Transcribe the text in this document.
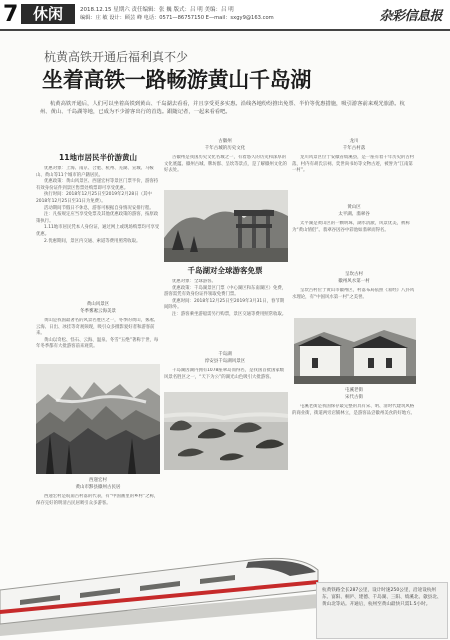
7 休闲	2018.12.15 星期六 责任编辑：张 巍 版式：吕 明 美编：吕 明
编辑：庄 敏 设计：顾芸 峰 电话：0571—86757150 E—mail：sxgy9@163.com	杂彩信息报
杭黄高铁开通后福利真不少
坐着高铁一路畅游黄山千岛湖
杭黄高铁开通后，人们可以坐着高铁到黄山、千岛湖去看看，并且享受更多实惠。沿线各地纷纷推出免票、半价等优惠措施，吸引游客前来观光旅游。杭州、黄山、千岛湖等地，已成为不少游客出行的首选。跟随记者，一起来看看吧。
11地市居民半价游黄山

优惠对象：上海、南京、合肥、杭州、芜湖、宣城、马鞍山、黄山等11个城市的户籍居民。

优惠政策：黄山风景区、西递宏村等景区门票半价，游客持有效身份证件到景区售票处购票即可享受优惠。

执行时间：2018年12月25日至2019年2月28日（其中2018年12月25日至31日为免费）。

活动期间节假日不休息，游客可根据自身情况安排行程。

注：凡按规定应当享受免票及其他优惠政策的游客，按原政策执行。

1.11地市居民凭本人身份证，通过网上或现场购票均可享受优惠。

2.优惠期间，景区内交通、索道等费用照常收取。

黄山风景区
冬季雾凇云海美景

黄山是我国最著名的风景名胜区之一，冬季的黄山，雾凇、云海、日出、冰挂等奇观频现，吸引众多摄影爱好者和游客前来。

黄山以奇松、怪石、云海、温泉、冬雪“五绝”著称于世，每年冬季都有大批游客前来观赏。

西递宏村
黄山市黟县徽州古民居

西递宏村是皖南古村落的代表，有“中国画里的乡村”之称，保存完好的明清古民居吸引众多游客。

古徽州
千年古城的历史文化

古徽州是我国历史文化名城之一，有着悠久的历史和深厚的文化底蕴。徽州古城、牌坊群、呈坎等景点，是了解徽州文化的好去处。

千岛湖对全球游客免票

优惠对象：全球游客。

优惠政策：千岛湖景区门票（中心湖区和东南湖区）免费，游客需凭有效身份证件领取免费门票。

优惠时间：2018年12月25日至2019年3月31日，春节期间除外。

注：游客乘坐游船需另行购票，景区交通等费用照常收取。

千岛湖
淳安县千岛湖风景区

千岛湖因湖内拥有1078座翠岛而得名，是我国首批国家级风景名胜区之一，“天下为公”的湖光山色吸引大批游客。

龙川
千年古村落

龙川风景区位于安徽省绩溪县，是一座有着千年历史的古村落，村内有胡氏宗祠、奕世尚书坊等文物古迹，被誉为“江南第一村”。

黄山区
太平湖、翡翠谷

太平湖是黄山区的一颗明珠，湖水清澈，风景优美，被称为“黄山情侣”。翡翠谷因谷中彩池如翡翠而得名。

呈坎古村
徽州风水第一村

呈坎古村位于黄山市徽州区，村落布局依照《易经》八卦风水理论，有“中国风水第一村”之美誉。

屯溪老街
宋代古街

屯溪老街是我国保存最完整的具有宋、明、清时代建筑风格的商业街，街道两旁店铺林立，是游客品尝徽州美食的好地方。

杭黄铁路全长287公里，设计时速250公里，沿途设杭州东、富阳、桐庐、建德、千岛湖、三阳、绩溪北、歙县北、黄山北等站。开通后，杭州至黄山最快只需1.5小时。
